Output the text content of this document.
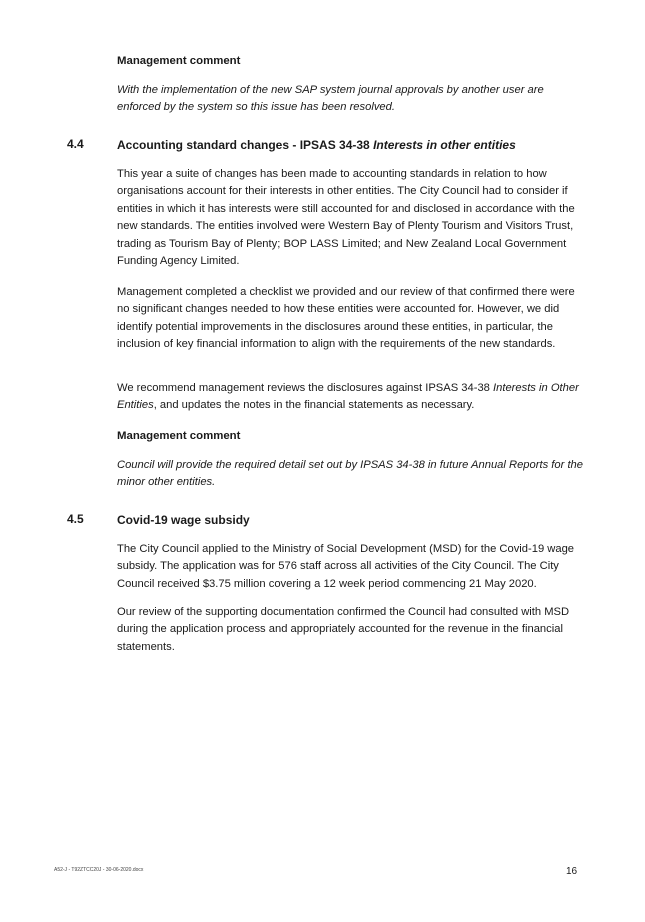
Management comment

With the implementation of the new SAP system journal approvals by another user are enforced by the system so this issue has been resolved.

4.4	Accounting standard changes - IPSAS 34-38 Interests in other entities

This year a suite of changes has been made to accounting standards in relation to how organisations account for their interests in other entities. The City Council had to consider if entities in which it has interests were still accounted for and disclosed in accordance with the new standards. The entities involved were Western Bay of Plenty Tourism and Visitors Trust, trading as Tourism Bay of Plenty; BOP LASS Limited; and New Zealand Local Government Funding Agency Limited.

Management completed a checklist we provided and our review of that confirmed there were no significant changes needed to how these entities were accounted for. However, we did identify potential improvements in the disclosures around these entities, in particular, the inclusion of key financial information to align with the requirements of the new standards.

We recommend management reviews the disclosures against IPSAS 34-38 Interests in Other Entities, and updates the notes in the financial statements as necessary.

Management comment

Council will provide the required detail set out by IPSAS 34-38 in future Annual Reports for the minor other entities.

4.5	Covid-19 wage subsidy

The City Council applied to the Ministry of Social Development (MSD) for the Covid-19 wage subsidy. The application was for 576 staff across all activities of the City Council. The City Council received $3.75 million covering a 12 week period commencing 21 May 2020.

Our review of the supporting documentation confirmed the Council had consulted with MSD during the application process and appropriately accounted for the revenue in the financial statements.

A52-J - T92ZTCC20J - 30-06-2020.docx	16
